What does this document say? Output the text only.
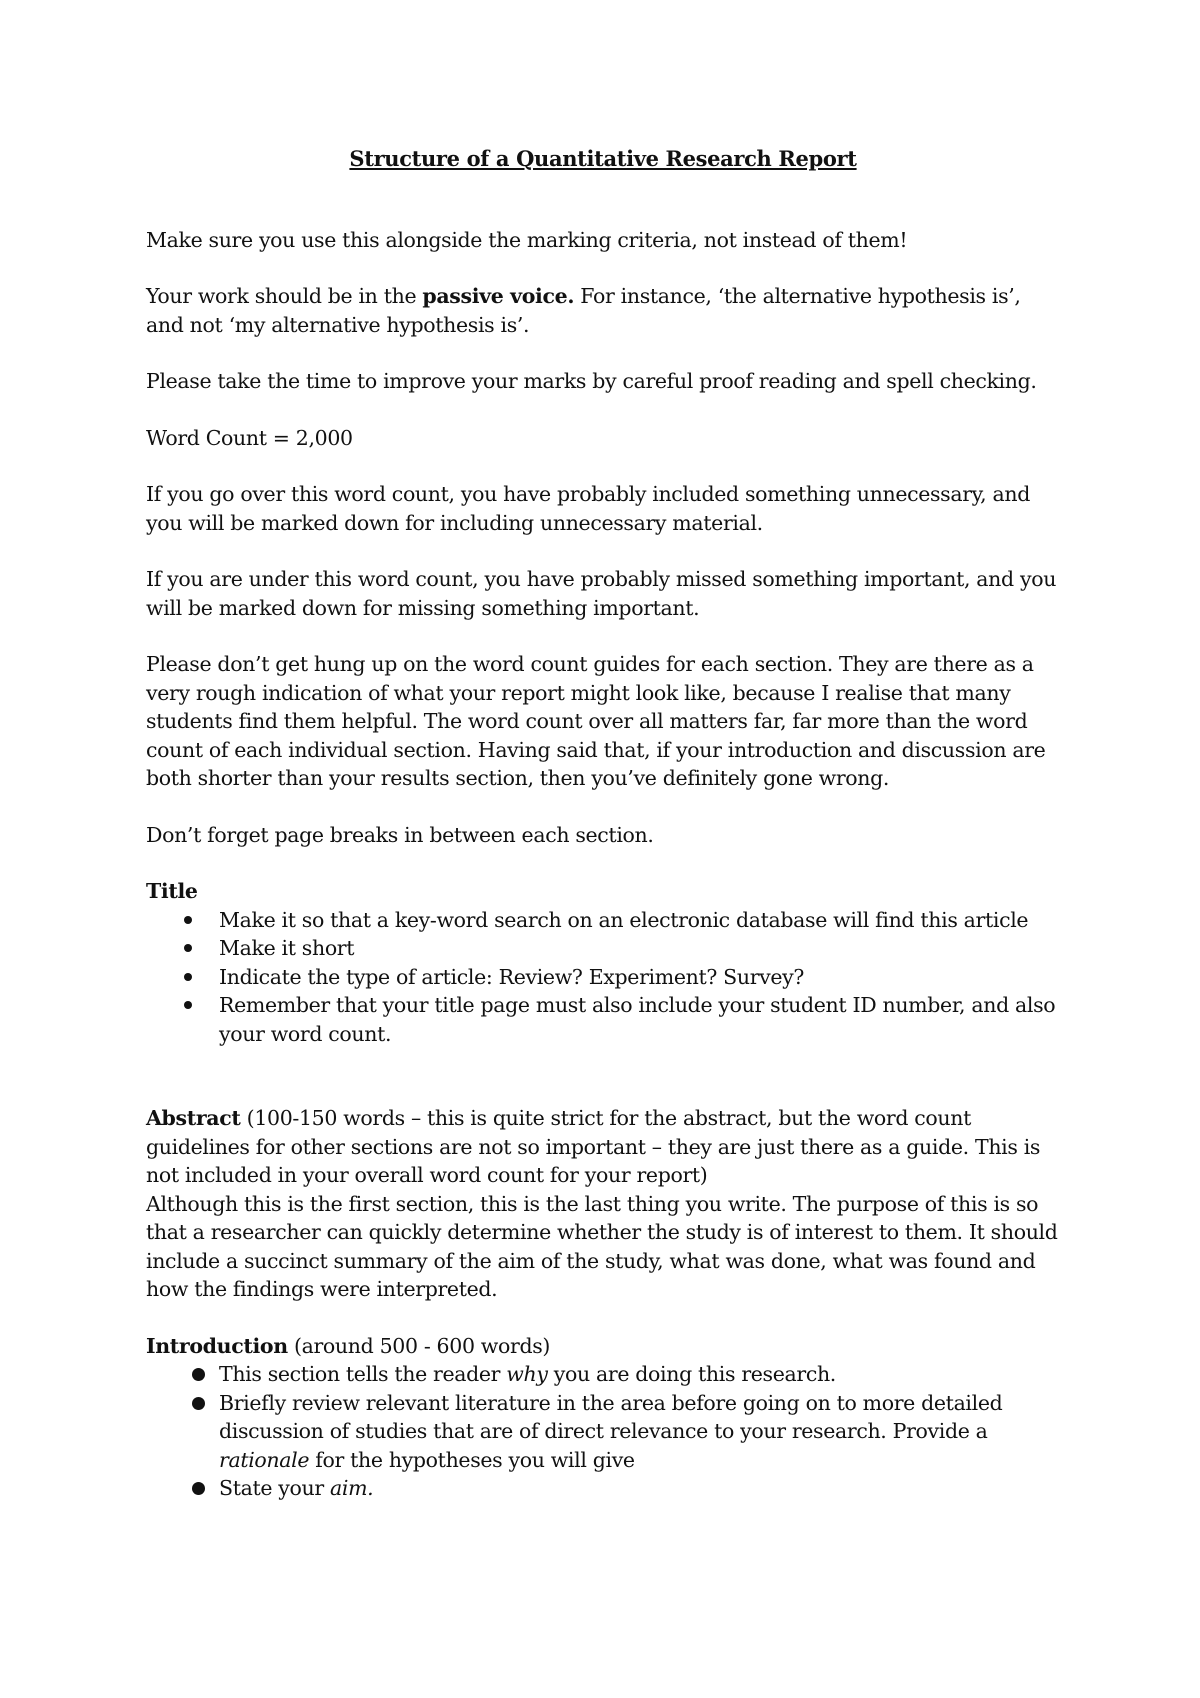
Structure of a Quantitative Research Report

Make sure you use this alongside the marking criteria, not instead of them!

Your work should be in the passive voice. For instance, ‘the alternative hypothesis is’, and not ‘my alternative hypothesis is’.

Please take the time to improve your marks by careful proof reading and spell checking.

Word Count = 2,000

If you go over this word count, you have probably included something unnecessary, and you will be marked down for including unnecessary material.

If you are under this word count, you have probably missed something important, and you will be marked down for missing something important.

Please don’t get hung up on the word count guides for each section. They are there as a very rough indication of what your report might look like, because I realise that many students find them helpful. The word count over all matters far, far more than the word count of each individual section. Having said that, if your introduction and discussion are both shorter than your results section, then you’ve definitely gone wrong.

Don’t forget page breaks in between each section.

Title
Make it so that a key-word search on an electronic database will find this article
Make it short
Indicate the type of article: Review? Experiment? Survey?
Remember that your title page must also include your student ID number, and also your word count.

Abstract (100-150 words – this is quite strict for the abstract, but the word count guidelines for other sections are not so important – they are just there as a guide. This is not included in your overall word count for your report)

Although this is the first section, this is the last thing you write. The purpose of this is so that a researcher can quickly determine whether the study is of interest to them. It should include a succinct summary of the aim of the study, what was done, what was found and how the findings were interpreted.

Introduction (around 500 - 600 words)

This section tells the reader why you are doing this research.
Briefly review relevant literature in the area before going on to more detailed discussion of studies that are of direct relevance to your research. Provide a rationale for the hypotheses you will give
State your aim.
